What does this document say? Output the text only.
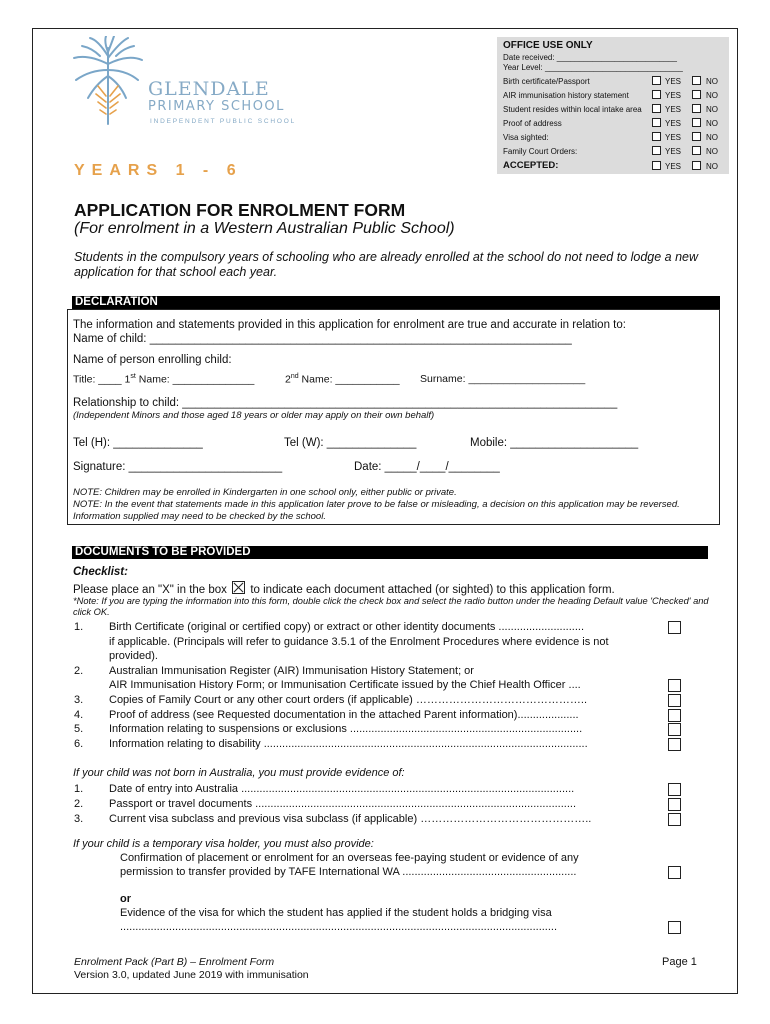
GLENDALE
PRIMARY SCHOOL
INDEPENDENT PUBLIC SCHOOL
YEARS 1 - 6
OFFICE USE ONLY
Date received: ___________________________
Year Level: _______________________________
Birth certificate/Passport	YES	NO
AIR immunisation history statement	YES	NO
Student resides within local intake area	YES	NO
Proof of address	YES	NO
Visa sighted:	YES	NO
Family Court Orders:	YES	NO
ACCEPTED:	YES	NO
APPLICATION FOR ENROLMENT FORM
(For enrolment in a Western Australian Public School)
Students in the compulsory years of schooling who are already enrolled at the school do not need to lodge a new application for that school each year.
DECLARATION
The information and statements provided in this application for enrolment are true and accurate in relation to:
Name of child: __________________________________________________________________
Name of person enrolling child:
Title: ____ 1st Name: ______________	2nd Name: ___________ Surname: ____________________
Relationship to child: ____________________________________________________________________
(Independent Minors and those aged 18 years or older may apply on their own behalf)
Tel (H): ______________	Tel (W): ______________	Mobile: ____________________
Signature: ________________________	Date: _____/____/________
NOTE: Children may be enrolled in Kindergarten in one school only, either public or private.
NOTE: In the event that statements made in this application later prove to be false or misleading, a decision on this application may be reversed. Information supplied may need to be checked by the school.
DOCUMENTS TO BE PROVIDED
Checklist:
Please place an "X" in the box to indicate each document attached (or sighted) to this application form.
*Note: If you are typing the information into this form, double click the check box and select the radio button under the heading Default value 'Checked' and click OK.
1. Birth Certificate (original or certified copy) or extract or other identity documents ............................
if applicable. (Principals will refer to guidance 3.5.1 of the Enrolment Procedures where evidence is not
provided).
2. Australian Immunisation Register (AIR) Immunisation History Statement; or
AIR Immunisation History Form; or Immunisation Certificate issued by the Chief Health Officer ....
3. Copies of Family Court or any other court orders (if applicable) ………………………………………..
4. Proof of address (see Requested documentation in the attached Parent information)....................
5. Information relating to suspensions or exclusions ............................................................................
6. Information relating to disability ..........................................................................................................
If your child was not born in Australia, you must provide evidence of:
1. Date of entry into Australia .............................................................................................................
2. Passport or travel documents .........................................................................................................
3. Current visa subclass and previous visa subclass (if applicable) ………………………………………..
If your child is a temporary visa holder, you must also provide:
Confirmation of placement or enrolment for an overseas fee-paying student or evidence of any
permission to transfer provided by TAFE International WA .........................................................
or
Evidence of the visa for which the student has applied if the student holds a bridging visa
...............................................................................................................................................
Enrolment Pack (Part B) – Enrolment Form
Version 3.0, updated June 2019 with immunisation
Page 1
